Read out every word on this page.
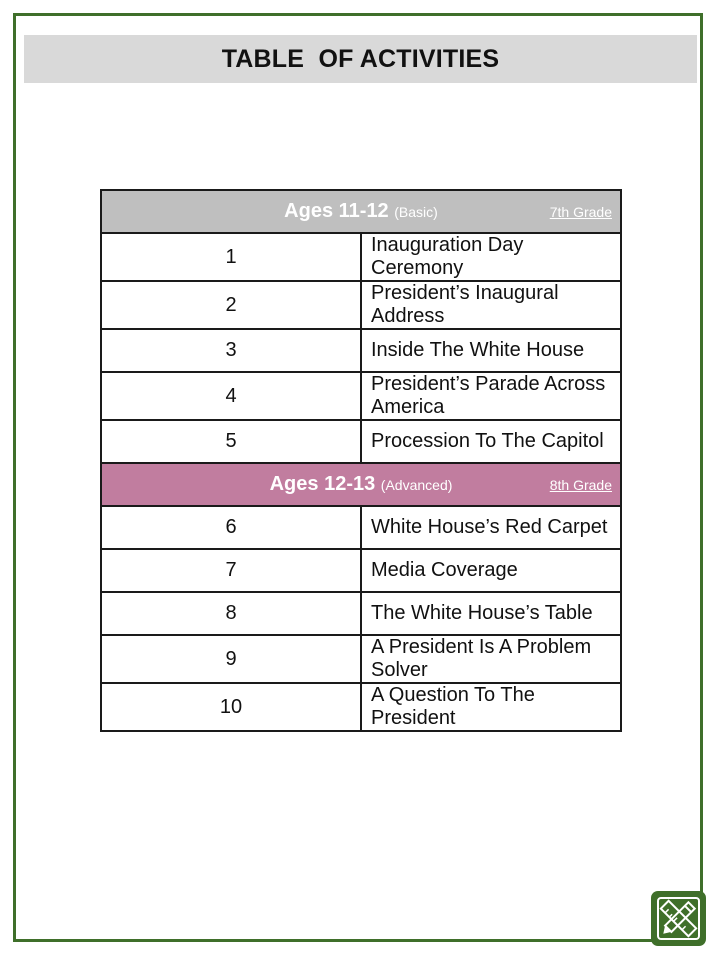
TABLE  OF ACTIVITIES
Ages 11-12 (Basic) 7th Grade	

1	Inauguration Day Ceremony
2	President’s Inaugural Address
3	Inside The White House
4	President’s Parade Across America
5	Procession To The Capitol
Ages 12-13 (Advanced) 8th Grade	

6	White House’s Red Carpet
7	Media Coverage
8	The White House’s Table
9	A President Is A Problem Solver
10	A Question To The President
